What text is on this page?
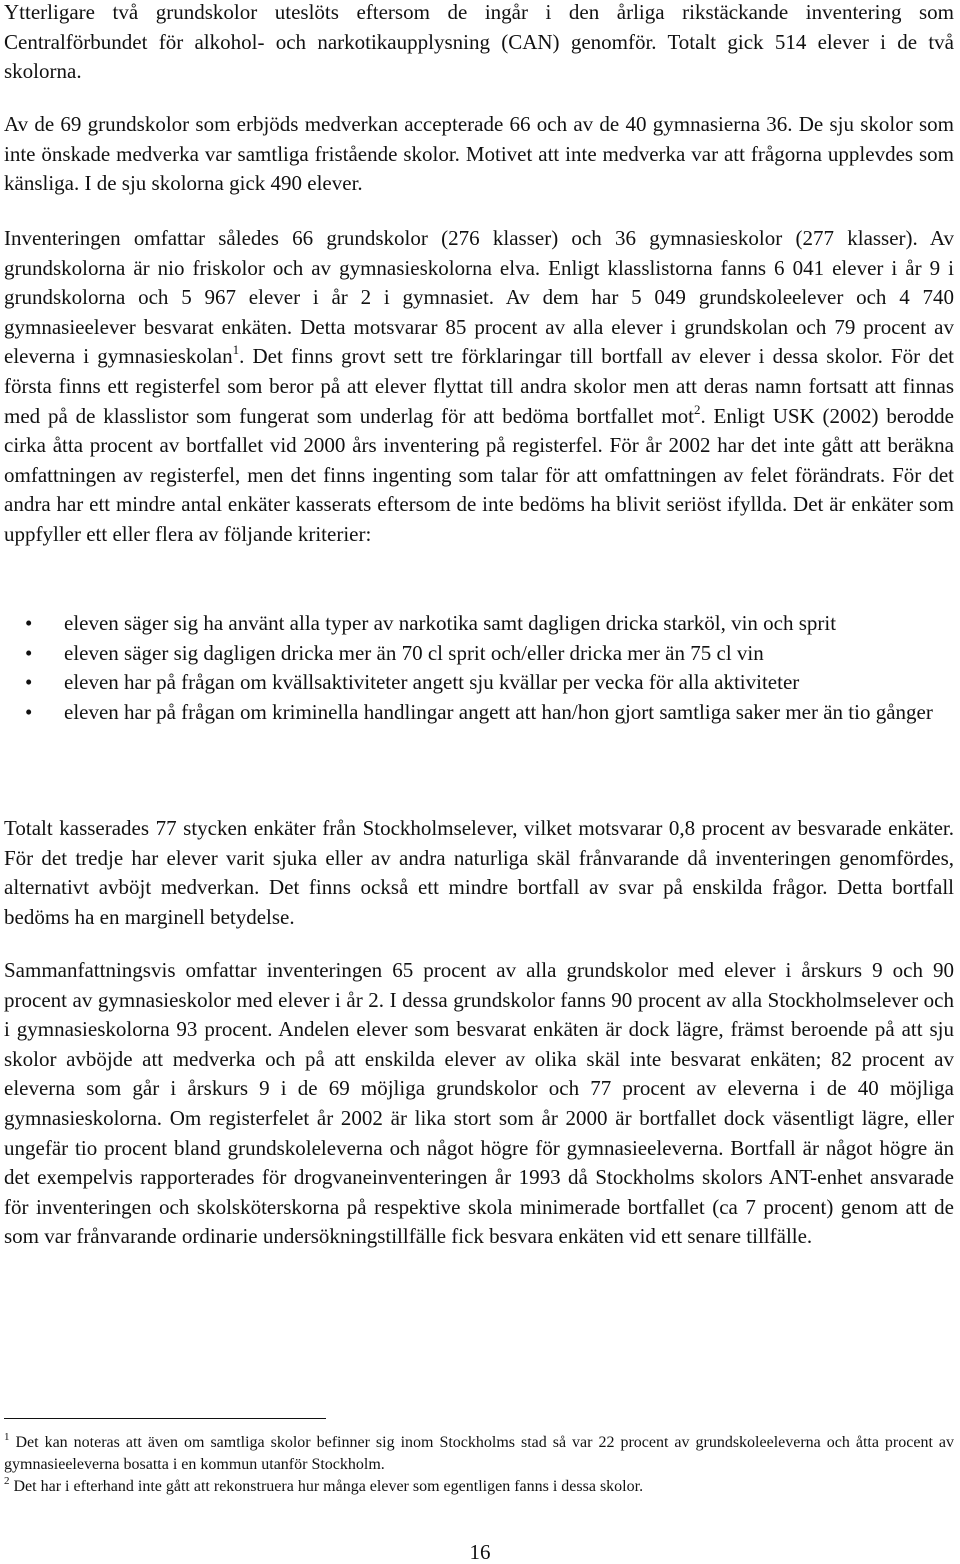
Ytterligare två grundskolor uteslöts eftersom de ingår i den årliga rikstäckande inventering som Centralförbundet för alkohol- och narkotikaupplysning (CAN) genomför. Totalt gick 514 elever i de två skolorna.

Av de 69 grundskolor som erbjöds medverkan accepterade 66 och av de 40 gymnasierna 36. De sju skolor som inte önskade medverka var samtliga fristående skolor. Motivet att inte medverka var att frågorna upplevdes som känsliga. I de sju skolorna gick 490 elever.

Inventeringen omfattar således 66 grundskolor (276 klasser) och 36 gymnasieskolor (277 klasser). Av grundskolorna är nio friskolor och av gymnasieskolorna elva. Enligt klasslistorna fanns 6 041 elever i år 9 i grundskolorna och 5 967 elever i år 2 i gymnasiet. Av dem har 5 049 grundskoleelever och 4 740 gymnasieelever besvarat enkäten. Detta motsvarar 85 procent av alla elever i grundskolan och 79 procent av eleverna i gymnasieskolan$^1$. Det finns grovt sett tre förklaringar till bortfall av elever i dessa skolor. För det första finns ett registerfel som beror på att elever flyttat till andra skolor men att deras namn fortsatt att finnas med på de klasslistor som fungerat som underlag för att bedöma bortfallet mot$^2$. Enligt USK (2002) berodde cirka åtta procent av bortfallet vid 2000 års inventering på registerfel. För år 2002 har det inte gått att beräkna omfattningen av registerfel, men det finns ingenting som talar för att omfattningen av felet förändrats. För det andra har ett mindre antal enkäter kasserats eftersom de inte bedöms ha blivit seriöst ifyllda. Det är enkäter som uppfyller ett eller flera av följande kriterier:

• eleven säger sig ha använt alla typer av narkotika samt dagligen dricka starköl, vin och sprit
• eleven säger sig dagligen dricka mer än 70 cl sprit och/eller dricka mer än 75 cl vin
• eleven har på frågan om kvällsaktiviteter angett sju kvällar per vecka för alla aktiviteter
• eleven har på frågan om kriminella handlingar angett att han/hon gjort samtliga saker mer än tio gånger

Totalt kasserades 77 stycken enkäter från Stockholmselever, vilket motsvarar 0,8 procent av besvarade enkäter. För det tredje har elever varit sjuka eller av andra naturliga skäl frånvarande då inventeringen genomfördes, alternativt avböjt medverkan. Det finns också ett mindre bortfall av svar på enskilda frågor. Detta bortfall bedöms ha en marginell betydelse.

Sammanfattningsvis omfattar inventeringen 65 procent av alla grundskolor med elever i årskurs 9 och 90 procent av gymnasieskolor med elever i år 2. I dessa grundskolor fanns 90 procent av alla Stockholmselever och i gymnasieskolorna 93 procent. Andelen elever som besvarat enkäten är dock lägre, främst beroende på att sju skolor avböjde att medverka och på att enskilda elever av olika skäl inte besvarat enkäten; 82 procent av eleverna som går i årskurs 9 i de 69 möjliga grundskolor och 77 procent av eleverna i de 40 möjliga gymnasieskolorna. Om registerfelet år 2002 är lika stort som år 2000 är bortfallet dock väsentligt lägre, eller ungefär tio procent bland grundskoleleverna och något högre för gymnasieeleverna. Bortfall är något högre än det exempelvis rapporterades för drogvaneinventeringen år 1993 då Stockholms skolors ANT-enhet ansvarade för inventeringen och skolsköterskorna på respektive skola minimerade bortfallet (ca 7 procent) genom att de som var frånvarande ordinarie undersökningstillfälle fick besvara enkäten vid ett senare tillfälle.

$^1$ Det kan noteras att även om samtliga skolor befinner sig inom Stockholms stad så var 22 procent av grundskoleeleverna och åtta procent av gymnasieeleverna bosatta i en kommun utanför Stockholm.

$^2$ Det har i efterhand inte gått att rekonstruera hur många elever som egentligen fanns i dessa skolor.

16
